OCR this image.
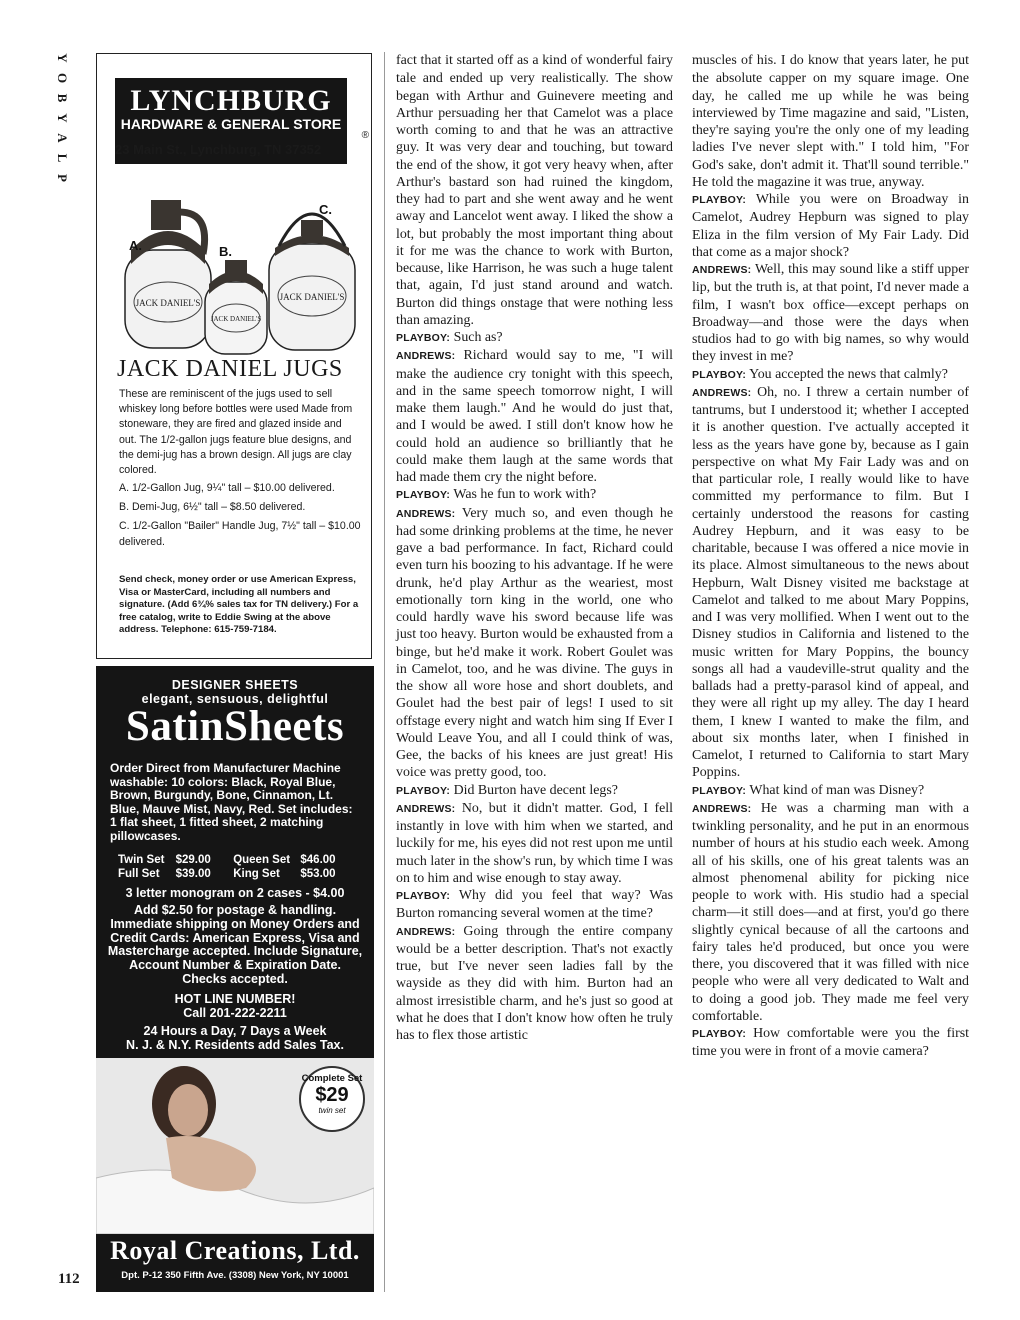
Y
O
B
Y
A
L
P
LYNCHBURG
HARDWARE & GENERAL STORE
®
23 Main St., Lynchburg, TN 37352
JACK DANIEL'S
JACK DANIEL'S
JACK DANIEL'S
A.	B.
C.
JACK DANIEL JUGS
These are reminiscent of the jugs used to sell whiskey long before bottles were used Made from stoneware, they are fired and glazed inside and out. The 1/2-gallon jugs feature blue designs, and the demi-jug has a brown design. All jugs are clay colored.

A. 1/2-Gallon Jug, 9¼" tall – $10.00 delivered.

B. Demi-Jug, 6½" tall – $8.50 delivered.

C. 1/2-Gallon "Bailer" Handle Jug, 7½" tall – $10.00 delivered.

Send check, money order or use American Express, Visa or MasterCard, including all numbers and signature. (Add 6¾% sales tax for TN delivery.) For a free catalog, write to Eddie Swing at the above address. Telephone: 615-759-7184.
DESIGNER SHEETS
elegant, sensuous, delightful
SatinSheets
Order Direct from Manufacturer Machine washable: 10 colors: Black, Royal Blue, Brown, Burgundy, Bone, Cinnamon, Lt. Blue, Mauve Mist, Navy, Red. Set includes: 1 flat sheet, 1 fitted sheet, 2 matching pillowcases.
Twin Set $29.00	Queen Set $46.00
Full Set	$39.00	King Set	$53.00
3 letter monogram on 2 cases - $4.00
Add $2.50 for postage & handling. Immediate shipping on Money Orders and Credit Cards: American Express, Visa and Mastercharge accepted. Include Signature, Account Number & Expiration Date. Checks accepted.
HOT LINE NUMBER!
Call 201-222-2211
24 Hours a Day, 7 Days a Week
N. J. & N.Y. Residents add Sales Tax.
Complete Set
$29
twin set
Royal Creations, Ltd.
Dpt. P-12 350 Fifth Ave. (3308) New York, NY 10001

fact that it started off as a kind of wonderful fairy tale and ended up very realistically. The show began with Arthur and Guinevere meeting and Arthur persuading her that Camelot was a place worth coming to and that he was an attractive guy. It was very dear and touching, but toward the end of the show, it got very heavy when, after Arthur's bastard son had ruined the kingdom, they had to part and she went away and he went away and Lancelot went away. I liked the show a lot, but probably the most important thing about it for me was the chance to work with Burton, because, like Harrison, he was such a huge talent that, again, I'd just stand around and watch. Burton did things onstage that were nothing less than amazing.

PLAYBOY: Such as?

ANDREWS: Richard would say to me, "I will make the audience cry tonight with this speech, and in the same speech tomorrow night, I will make them laugh." And he would do just that, and I would be awed. I still don't know how he could hold an audience so brilliantly that he could make them laugh at the same words that had made them cry the night before.

PLAYBOY: Was he fun to work with?

ANDREWS: Very much so, and even though he had some drinking problems at the time, he never gave a bad performance. In fact, Richard could even turn his boozing to his advantage. If he were drunk, he'd play Arthur as the weariest, most emotionally torn king in the world, one who could hardly wave his sword because life was just too heavy. Burton would be exhausted from a binge, but he'd make it work. Robert Goulet was in Camelot, too, and he was divine. The guys in the show all wore hose and short doublets, and Goulet had the best pair of legs! I used to sit offstage every night and watch him sing If Ever I Would Leave You, and all I could think of was, Gee, the backs of his knees are just great! His voice was pretty good, too.

PLAYBOY: Did Burton have decent legs?

ANDREWS: No, but it didn't matter. God, I fell instantly in love with him when we started, and luckily for me, his eyes did not rest upon me until much later in the show's run, by which time I was on to him and wise enough to stay away.

PLAYBOY: Why did you feel that way? Was Burton romancing several women at the time?

ANDREWS: Going through the entire company would be a better description. That's not exactly true, but I've never seen ladies fall by the wayside as they did with him. Burton had an almost irresistible charm, and he's just so good at what he does that I don't know how often he truly has to flex those artistic

muscles of his. I do know that years later, he put the absolute capper on my square image. One day, he called me up while he was being interviewed by Time magazine and said, "Listen, they're saying you're the only one of my leading ladies I've never slept with." I told him, "For God's sake, don't admit it. That'll sound terrible." He told the magazine it was true, anyway.

PLAYBOY: While you were on Broadway in Camelot, Audrey Hepburn was signed to play Eliza in the film version of My Fair Lady. Did that come as a major shock?

ANDREWS: Well, this may sound like a stiff upper lip, but the truth is, at that point, I'd never made a film, I wasn't box office—except perhaps on Broadway—and those were the days when studios had to go with big names, so why would they invest in me?

PLAYBOY: You accepted the news that calmly?

ANDREWS: Oh, no. I threw a certain number of tantrums, but I understood it; whether I accepted it is another question. I've actually accepted it less as the years have gone by, because as I gain perspective on what My Fair Lady was and on that particular role, I really would like to have committed my performance to film. But I certainly understood the reasons for casting Audrey Hepburn, and it was easy to be charitable, because I was offered a nice movie in its place. Almost simultaneous to the news about Hepburn, Walt Disney visited me backstage at Camelot and talked to me about Mary Poppins, and I was very mollified. When I went out to the Disney studios in California and listened to the music written for Mary Poppins, the bouncy songs all had a vaudeville-strut quality and the ballads had a pretty-parasol kind of appeal, and they were all right up my alley. The day I heard them, I knew I wanted to make the film, and about six months later, when I finished in Camelot, I returned to California to start Mary Poppins.

PLAYBOY: What kind of man was Disney?

ANDREWS: He was a charming man with a twinkling personality, and he put in an enormous number of hours at his studio each week. Among all of his skills, one of his great talents was an almost phenomenal ability for picking nice people to work with. His studio had a special charm—it still does—and at first, you'd go there slightly cynical because of all the cartoons and fairy tales he'd produced, but once you were there, you discovered that it was filled with nice people who were all very dedicated to Walt and to doing a good job. They made me feel very comfortable.

PLAYBOY: How comfortable were you the first time you were in front of a movie camera?

112
